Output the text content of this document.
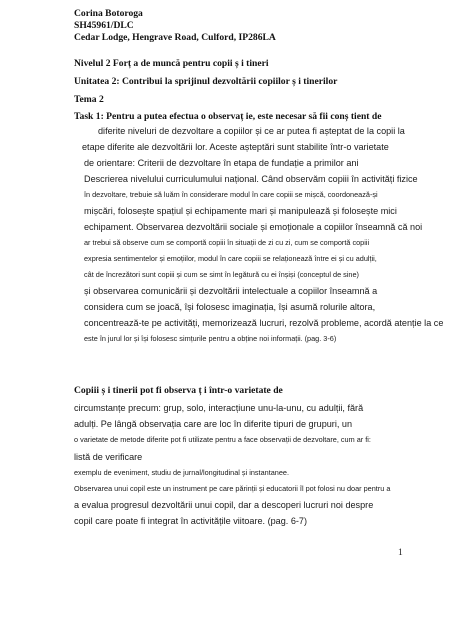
Corina Botoroga

SH45961/DLC

Cedar Lodge, Hengrave Road, Culford, IP286LA

Nivelul 2 Forț a de muncă pentru copii ș i tineri

Unitatea 2: Contribui la sprijinul dezvoltării copiilor ș i tinerilor

Tema 2

Task 1: Pentru a putea efectua o observaț ie, este necesar să fii conș tient de

diferite niveluri de dezvoltare a copiilor și ce ar putea fi așteptat de la copii la

etape diferite ale dezvoltării lor. Aceste așteptări sunt stabilite într-o varietate

de orientare: Criterii de dezvoltare în etapa de fundație a primilor ani

Descrierea nivelului curriculumului național. Când observăm copiii în activități fizice

în dezvoltare, trebuie să luăm în considerare modul în care copiii se mișcă, coordonează-și

mișcări, folosește spațiul și echipamente mari și manipulează și folosește mici

echipament. Observarea dezvoltării sociale și emoționale a copiilor înseamnă că noi

ar trebui să observe cum se comportă copiii în situații de zi cu zi, cum se comportă copiii

expresia sentimentelor și emoțiilor, modul în care copiii se relaționează între ei și cu adulții,

cât de încrezători sunt copiii și cum se simt în legătură cu ei înșiși (conceptul de sine)

și observarea comunicării și dezvoltării intelectuale a copiilor înseamnă a

considera cum se joacă, își folosesc imaginația, își asumă rolurile altora,

concentrează-te pe activități, memorizează lucruri, rezolvă probleme, acordă atenție la ce

este în jurul lor și își folosesc simțurile pentru a obține noi informații. (pag. 3-6)

Copiii ș i tinerii pot fi observa ț i într-o varietate de

circumstanțe precum: grup, solo, interacțiune unu-la-unu, cu adulții, fără

adulți. Pe lângă observația care are loc în diferite tipuri de grupuri, un

o varietate de metode diferite pot fi utilizate pentru a face observații de dezvoltare, cum ar fi:

listă de verificare

exemplu de eveniment, studiu de jurnal/longitudinal și instantanee.

Observarea unui copil este un instrument pe care părinții și educatorii îl pot folosi nu doar pentru a

a evalua progresul dezvoltării unui copil, dar a descoperi lucruri noi despre

copil care poate fi integrat în activitățile viitoare. (pag. 6-7)

1
